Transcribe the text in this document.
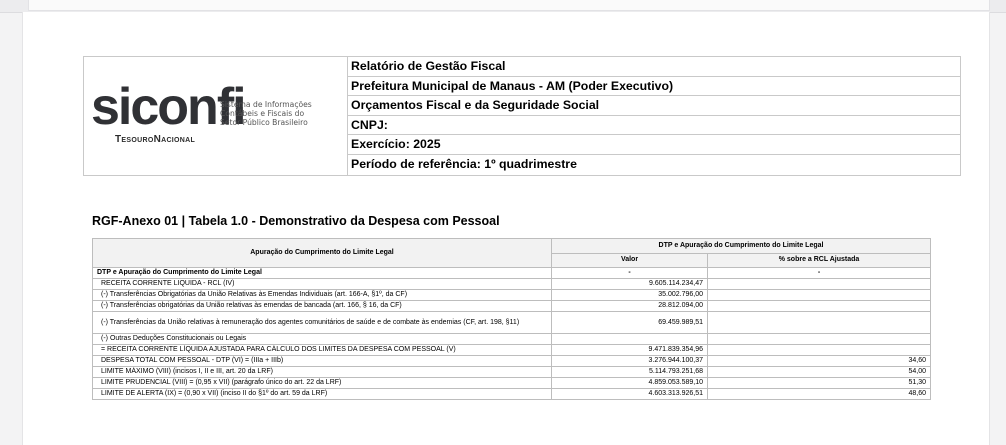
siconfi
Sistema de Informações
Contábeis e Fiscais do
Setor Público Brasileiro
TesouroNacional
Relatório de Gestão Fiscal
Prefeitura Municipal de Manaus - AM (Poder Executivo)
Orçamentos Fiscal e da Seguridade Social
CNPJ:
Exercício: 2025
Período de referência: 1º quadrimestre
RGF-Anexo 01 | Tabela 1.0 - Demonstrativo da Despesa com Pessoal
Apuração do Cumprimento do Limite Legal	DTP e Apuração do Cumprimento do Limite Legal	
	Valor	% sobre a RCL Ajustada
DTP e Apuração do Cumprimento do Limite Legal	-	-
RECEITA CORRENTE LIQUIDA - RCL (IV)	9.605.114.234,47	
(-) Transferências Obrigatórias da União Relativas às Emendas Individuais (art. 166-A, §1º, da CF)	35.002.796,00	
(-) Transferências obrigatórias da União relativas às emendas de bancada (art. 166, § 16, da CF)	28.812.094,00	
(-) Transferências da União relativas à remuneração dos agentes comunitários de saúde e de combate às endemias (CF, art. 198, §11)	69.459.989,51	
(-) Outras Deduções Constitucionais ou Legais		
= RECEITA CORRENTE LÍQUIDA AJUSTADA PARA CÁLCULO DOS LIMITES DA DESPESA COM PESSOAL (V)	9.471.839.354,96	
DESPESA TOTAL COM PESSOAL - DTP (VI) = (IIIa + IIIb)	3.276.944.100,37	34,60
LIMITE MÁXIMO (VIII) (incisos I, II e III, art. 20 da LRF)	5.114.793.251,68	54,00
LIMITE PRUDENCIAL (VIII) = (0,95 x VII) (parágrafo único do art. 22 da LRF)	4.859.053.589,10	51,30
LIMITE DE ALERTA (IX) = (0,90 x VII) (inciso II do §1º do art. 59 da LRF)	4.603.313.926,51	48,60
